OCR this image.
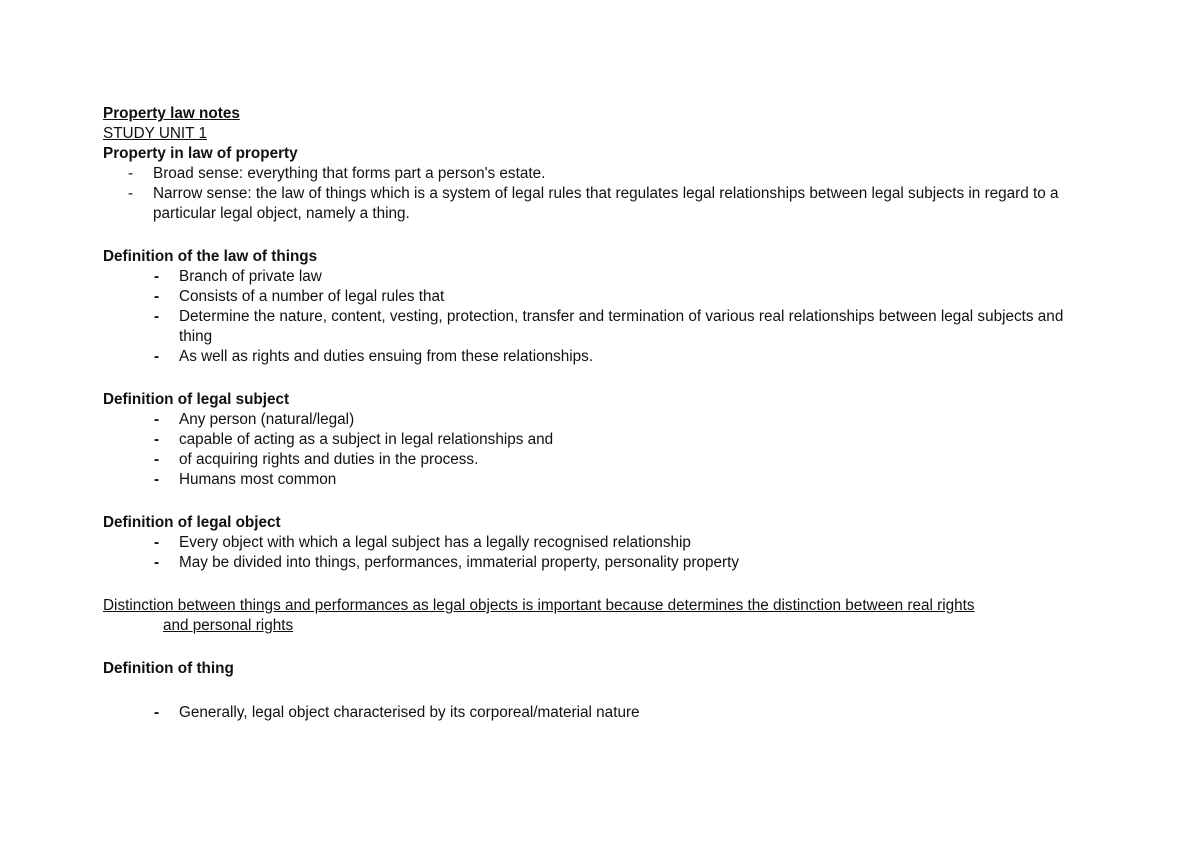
Property law notes

STUDY UNIT 1

Property in law of property

- Broad sense: everything that forms part a person's estate.
- Narrow sense: the law of things which is a system of legal rules that regulates legal relationships between legal subjects in regard to a particular legal object, namely a thing.

Definition of the law of things

- Branch of private law
- Consists of a number of legal rules that
- Determine the nature, content, vesting, protection, transfer and termination of various real relationships between legal subjects and thing
- As well as rights and duties ensuing from these relationships.

Definition of legal subject

- Any person (natural/legal)
- capable of acting as a subject in legal relationships and
- of acquiring rights and duties in the process.
- Humans most common

Definition of legal object

- Every object with which a legal subject has a legally recognised relationship
- May be divided into things, performances, immaterial property, personality property

Distinction between things and performances as legal objects is important because determines the distinction between real rights
and personal rights

Definition of thing

- Generally, legal object characterised by its corporeal/material nature
